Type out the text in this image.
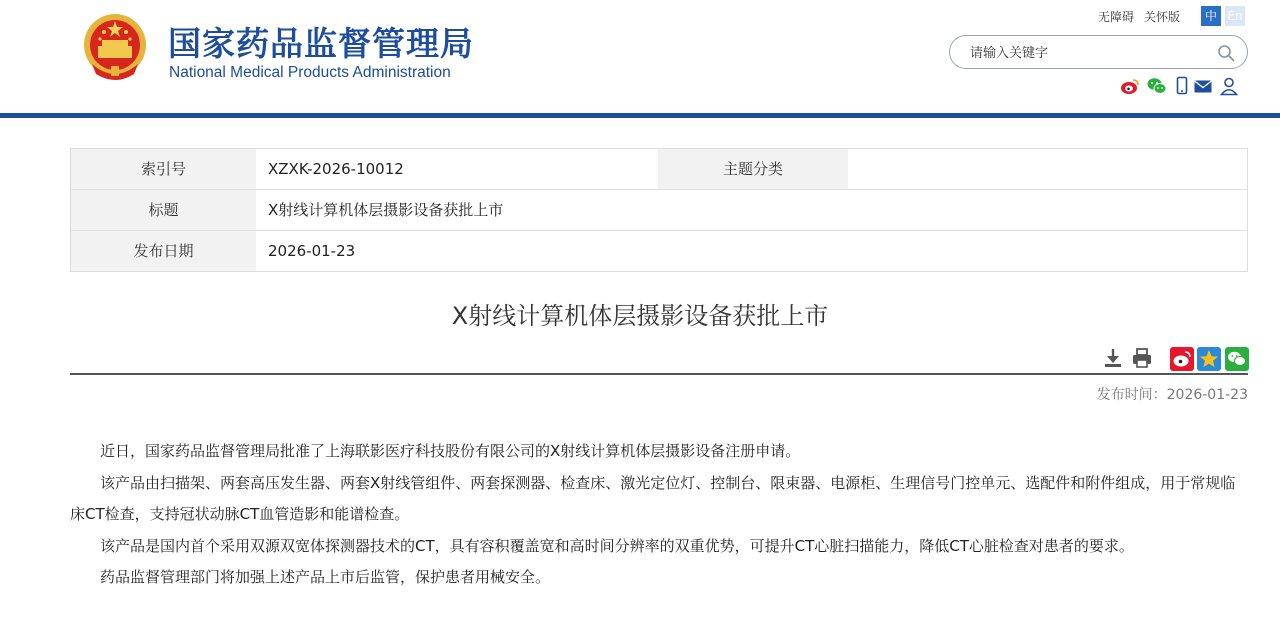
国家药品监督管理局
National Medical Products Administration
无障碍 关怀版	中 En
请输入关键字
索引号	XZXK-2026-10012	主题分类
标题	X射线计算机体层摄影设备获批上市
发布日期	2026-01-23
X射线计算机体层摄影设备获批上市
发布时间：2026-01-23

近日，国家药品监督管理局批准了上海联影医疗科技股份有限公司的X射线计算机体层摄影设备注册申请。

该产品由扫描架、两套高压发生器、两套X射线管组件、两套探测器、检查床、激光定位灯、控制台、限束器、电源柜、生理信号门控单元、选配件和附件组成，用于常规临床CT检查，支持冠状动脉CT血管造影和能谱检查。

该产品是国内首个采用双源双宽体探测器技术的CT，具有容积覆盖宽和高时间分辨率的双重优势，可提升CT心脏扫描能力，降低CT心脏检查对患者的要求。

药品监督管理部门将加强上述产品上市后监管，保护患者用械安全。
